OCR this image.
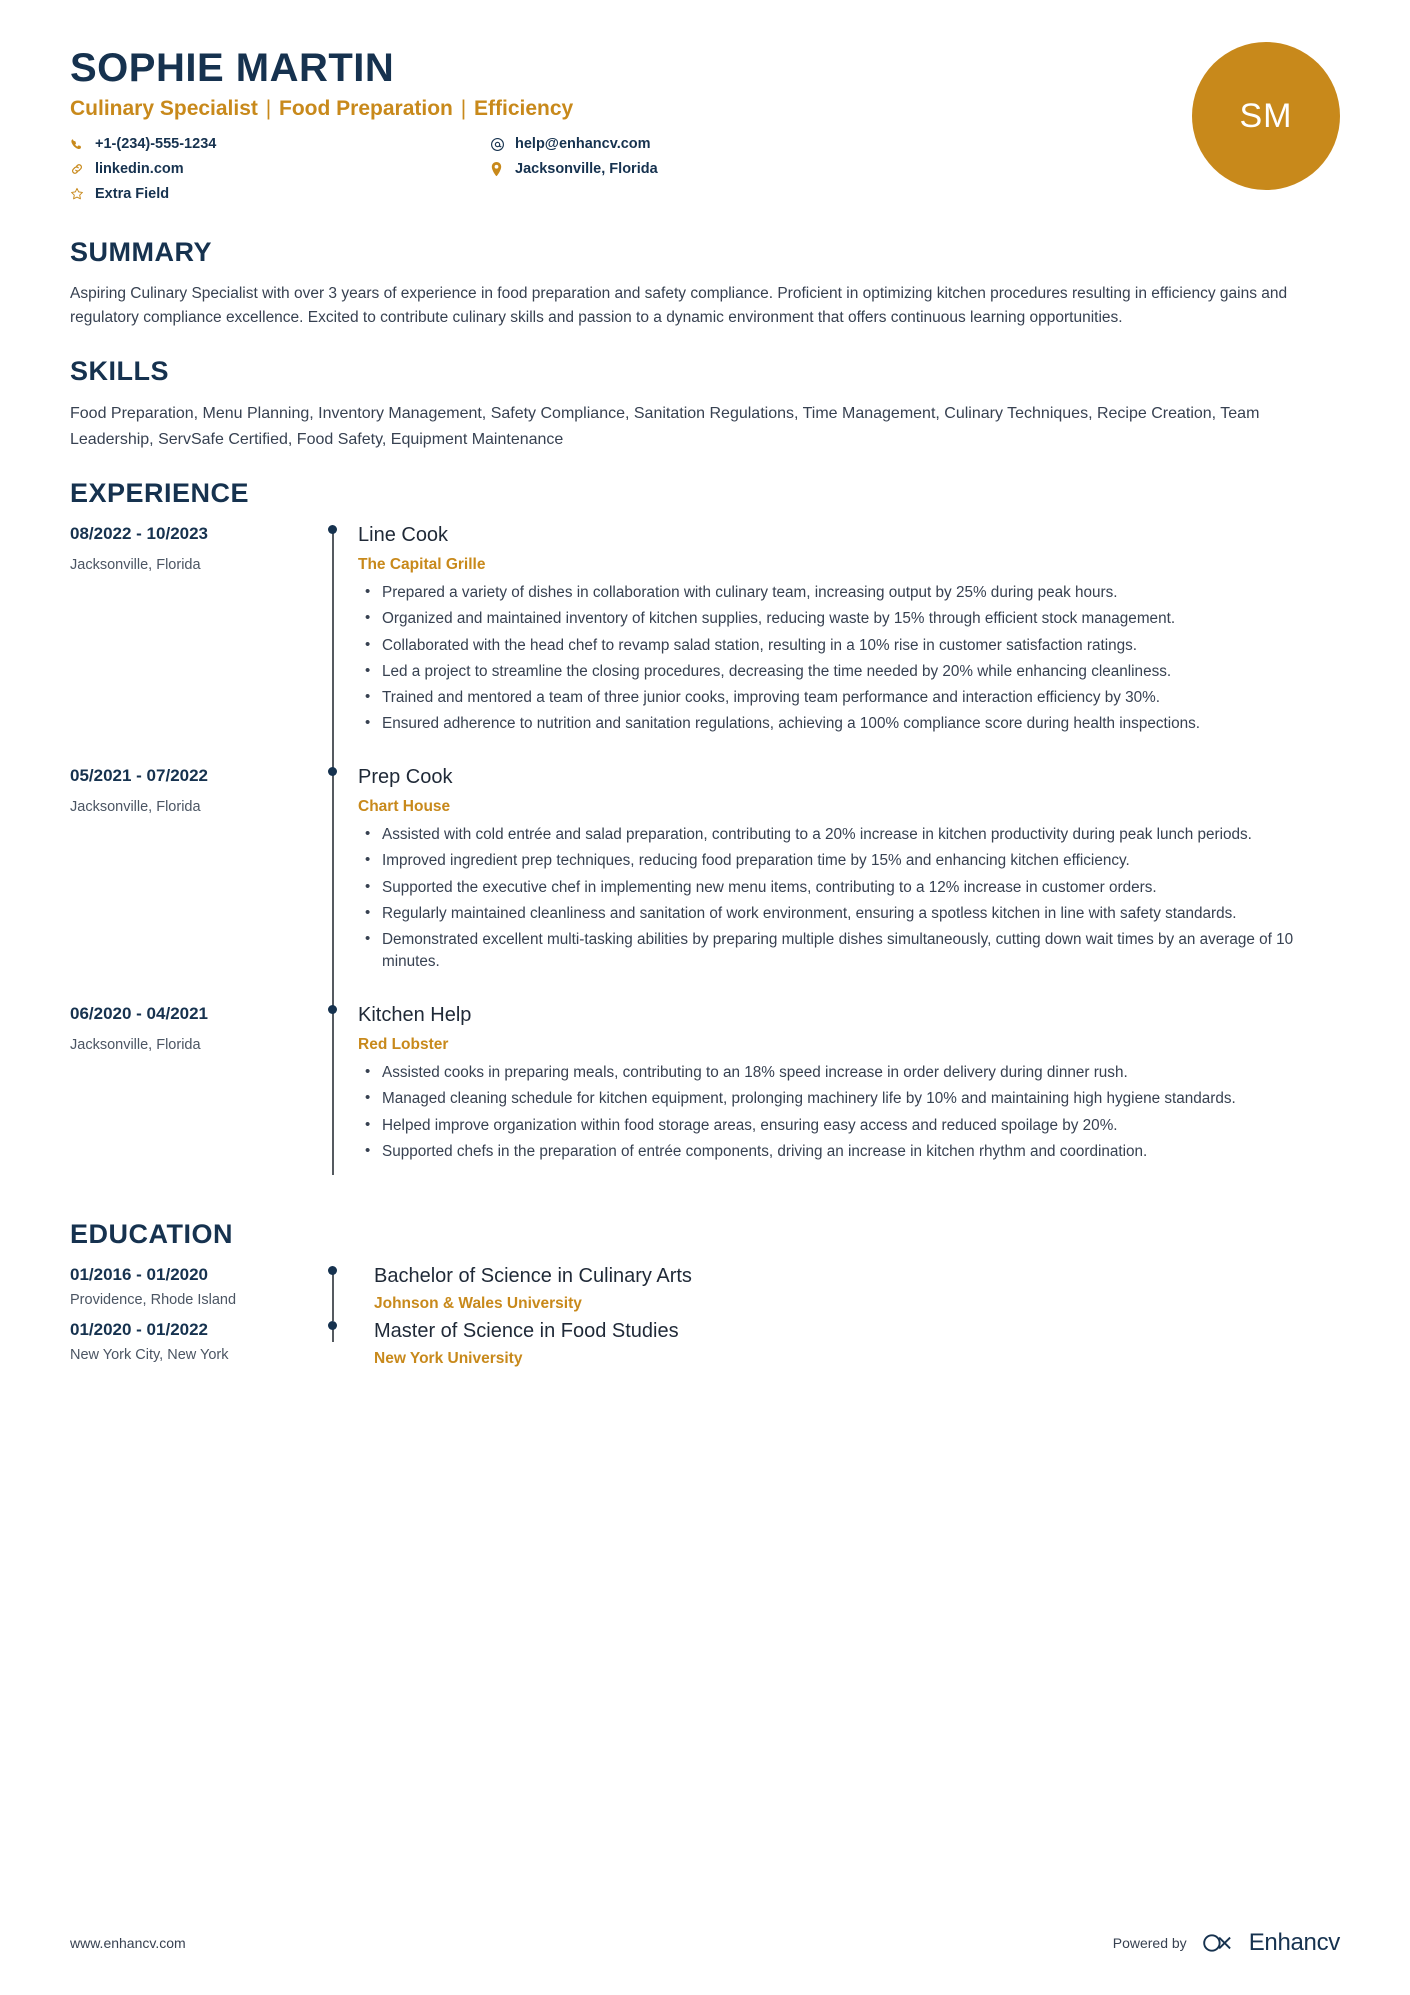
SOPHIE MARTIN
Culinary Specialist | Food Preparation | Efficiency
+1-(234)-555-1234	help@enhancv.com
linkedin.com	Jacksonville, Florida
Extra Field
SM
SUMMARY

Aspiring Culinary Specialist with over 3 years of experience in food preparation and safety compliance. Proficient in optimizing kitchen procedures resulting in efficiency gains and regulatory compliance excellence. Excited to contribute culinary skills and passion to a dynamic environment that offers continuous learning opportunities.

SKILLS
Food Preparation, Menu Planning, Inventory Management, Safety Compliance, Sanitation Regulations, Time Management, Culinary Techniques, Recipe Creation, Team Leadership, ServSafe Certified, Food Safety, Equipment Maintenance
EXPERIENCE
08/2022 - 10/2023
Jacksonville, Florida
Line Cook
The Capital Grille
• Prepared a variety of dishes in collaboration with culinary team, increasing output by 25% during peak hours.
• Organized and maintained inventory of kitchen supplies, reducing waste by 15% through efficient stock management.
• Collaborated with the head chef to revamp salad station, resulting in a 10% rise in customer satisfaction ratings.
• Led a project to streamline the closing procedures, decreasing the time needed by 20% while enhancing cleanliness.
• Trained and mentored a team of three junior cooks, improving team performance and interaction efficiency by 30%.
• Ensured adherence to nutrition and sanitation regulations, achieving a 100% compliance score during health inspections.
05/2021 - 07/2022
Jacksonville, Florida
Prep Cook
Chart House
• Assisted with cold entrée and salad preparation, contributing to a 20% increase in kitchen productivity during peak lunch periods.
• Improved ingredient prep techniques, reducing food preparation time by 15% and enhancing kitchen efficiency.
• Supported the executive chef in implementing new menu items, contributing to a 12% increase in customer orders.
• Regularly maintained cleanliness and sanitation of work environment, ensuring a spotless kitchen in line with safety standards.
• Demonstrated excellent multi-tasking abilities by preparing multiple dishes simultaneously, cutting down wait times by an average of 10 minutes.
06/2020 - 04/2021
Jacksonville, Florida
Kitchen Help
Red Lobster
• Assisted cooks in preparing meals, contributing to an 18% speed increase in order delivery during dinner rush.
• Managed cleaning schedule for kitchen equipment, prolonging machinery life by 10% and maintaining high hygiene standards.
• Helped improve organization within food storage areas, ensuring easy access and reduced spoilage by 20%.
• Supported chefs in the preparation of entrée components, driving an increase in kitchen rhythm and coordination.
EDUCATION
01/2016 - 01/2020
Providence, Rhode Island
Bachelor of Science in Culinary Arts
Johnson & Wales University
01/2020 - 01/2022
New York City, New York
Master of Science in Food Studies
New York University
www.enhancv.com	Powered by	Enhancv
